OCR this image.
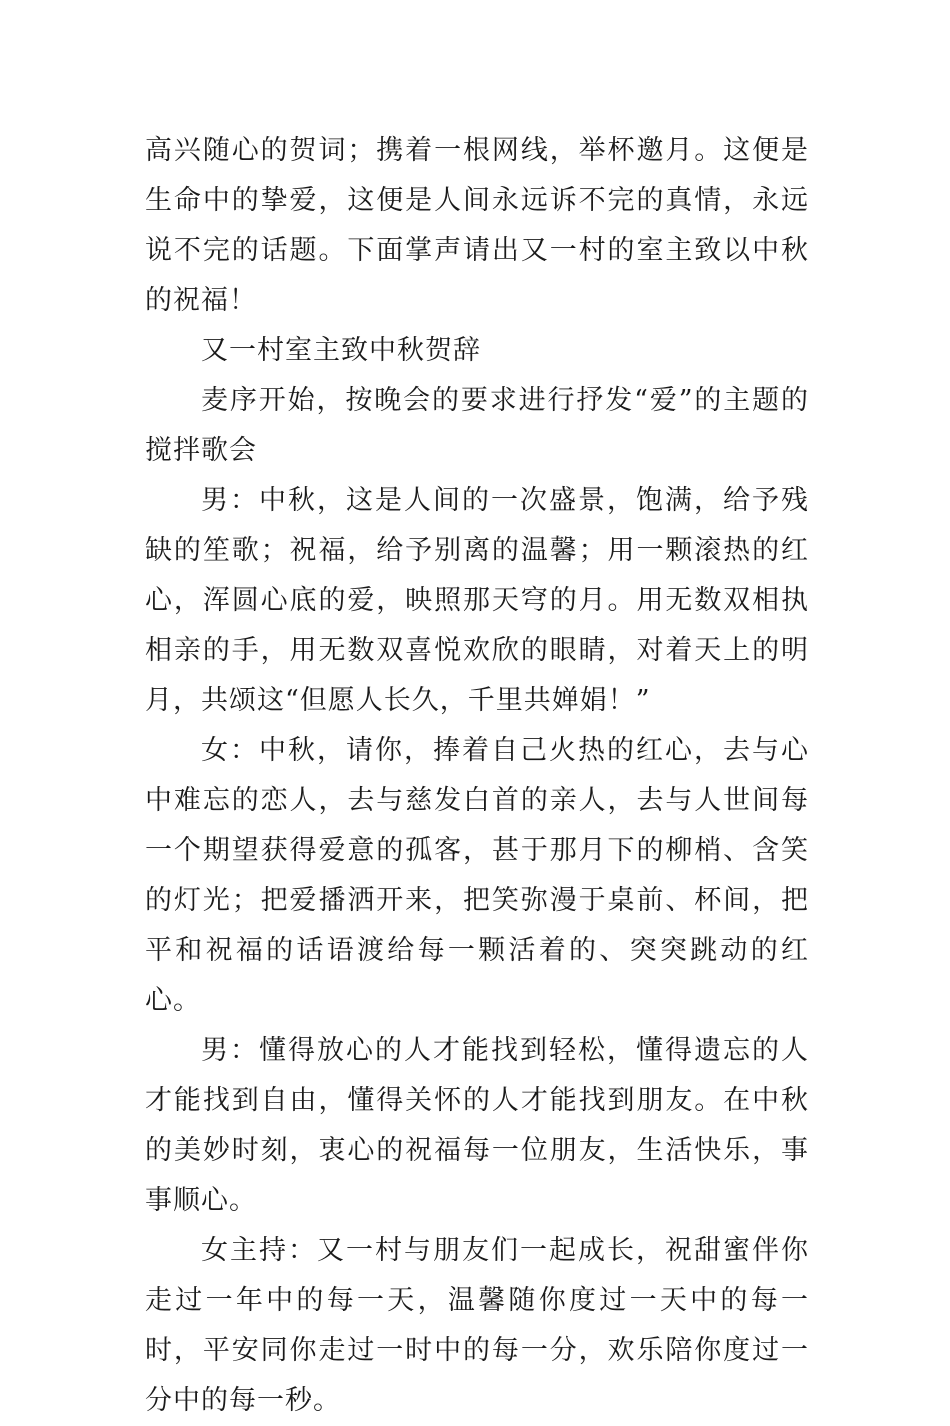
高兴随心的贺词；携着一根网线，举杯邀月。这便是生命中的挚爱，这便是人间永远诉不完的真情，永远说不完的话题。下面掌声请出又一村的室主致以中秋的祝福！

又一村室主致中秋贺辞

麦序开始，按晚会的要求进行抒发“爱”的主题的搅拌歌会

男：中秋，这是人间的一次盛景，饱满，给予残缺的笙歌；祝福，给予别离的温馨；用一颗滚热的红心，浑圆心底的爱，映照那天穹的月。用无数双相执相亲的手，用无数双喜悦欢欣的眼睛，对着天上的明月，共颂这“但愿人长久，千里共婵娟！”

女：中秋，请你，捧着自己火热的红心，去与心中难忘的恋人，去与慈发白首的亲人，去与人世间每一个期望获得爱意的孤客，甚于那月下的柳梢、含笑的灯光；把爱播洒开来，把笑弥漫于桌前、杯间，把平和祝福的话语渡给每一颗活着的、突突跳动的红心。

男：懂得放心的人才能找到轻松，懂得遗忘的人才能找到自由，懂得关怀的人才能找到朋友。在中秋的美妙时刻，衷心的祝福每一位朋友，生活快乐，事事顺心。

女主持：又一村与朋友们一起成长，祝甜蜜伴你走过一年中的每一天，温馨随你度过一天中的每一时，平安同你走过一时中的每一分，欢乐陪你度过一分中的每一秒。
